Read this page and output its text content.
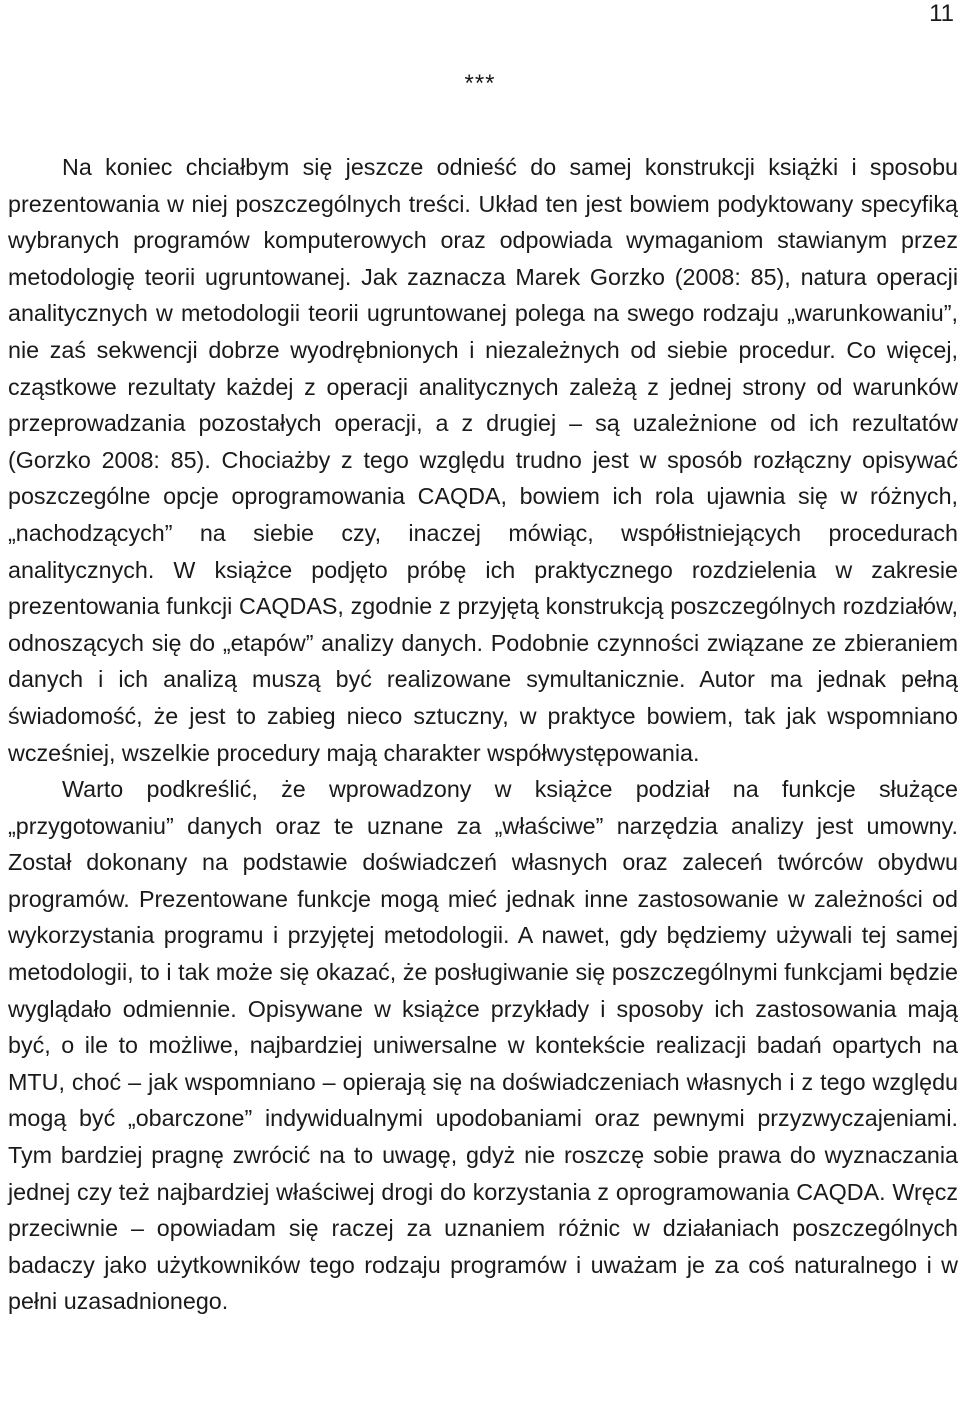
11
***

Na koniec chciałbym się jeszcze odnieść do samej konstrukcji książki i sposobu prezentowania w niej poszczególnych treści. Układ ten jest bowiem podyktowany specyfiką wybranych programów komputerowych oraz odpowiada wymaganiom stawianym przez metodologię teorii ugruntowanej. Jak zaznacza Marek Gorzko (2008: 85), natura operacji analitycznych w metodologii teorii ugruntowanej polega na swego rodzaju „warunkowaniu”, nie zaś sekwencji dobrze wyodrębnionych i niezależnych od siebie procedur. Co więcej, cząstkowe rezultaty każdej z operacji analitycznych zależą z jednej strony od warunków przeprowadzania pozostałych operacji, a z drugiej – są uzależnione od ich rezultatów (Gorzko 2008: 85). Chociażby z tego względu trudno jest w sposób rozłączny opisywać poszczególne opcje oprogramowania CAQDA, bowiem ich rola ujawnia się w różnych, „nachodzących” na siebie czy, inaczej mówiąc, współistniejących procedurach analitycznych. W książce podjęto próbę ich praktycznego rozdzielenia w zakresie prezentowania funkcji CAQDAS, zgodnie z przyjętą konstrukcją poszczególnych rozdziałów, odnoszących się do „etapów” analizy danych. Podobnie czynności związane ze zbieraniem danych i ich analizą muszą być realizowane symultanicznie. Autor ma jednak pełną świadomość, że jest to zabieg nieco sztuczny, w praktyce bowiem, tak jak wspomniano wcześniej, wszelkie procedury mają charakter współwystępowania.

Warto podkreślić, że wprowadzony w książce podział na funkcje służące „przygotowaniu” danych oraz te uznane za „właściwe” narzędzia analizy jest umowny. Został dokonany na podstawie doświadczeń własnych oraz zaleceń twórców obydwu programów. Prezentowane funkcje mogą mieć jednak inne zastosowanie w zależności od wykorzystania programu i przyjętej metodologii. A nawet, gdy będziemy używali tej samej metodologii, to i tak może się okazać, że posługiwanie się poszczególnymi funkcjami będzie wyglądało odmiennie. Opisywane w książce przykłady i sposoby ich zastosowania mają być, o ile to możliwe, najbardziej uniwersalne w kontekście realizacji badań opartych na MTU, choć – jak wspomniano – opierają się na doświadczeniach własnych i z tego względu mogą być „obarczone” indywidualnymi upodobaniami oraz pewnymi przyzwyczajeniami. Tym bardziej pragnę zwrócić na to uwagę, gdyż nie roszczę sobie prawa do wyznaczania jednej czy też najbardziej właściwej drogi do korzystania z oprogramowania CAQDA. Wręcz przeciwnie – opowiadam się raczej za uznaniem różnic w działaniach poszczególnych badaczy jako użytkowników tego rodzaju programów i uważam je za coś naturalnego i w pełni uzasadnionego.
